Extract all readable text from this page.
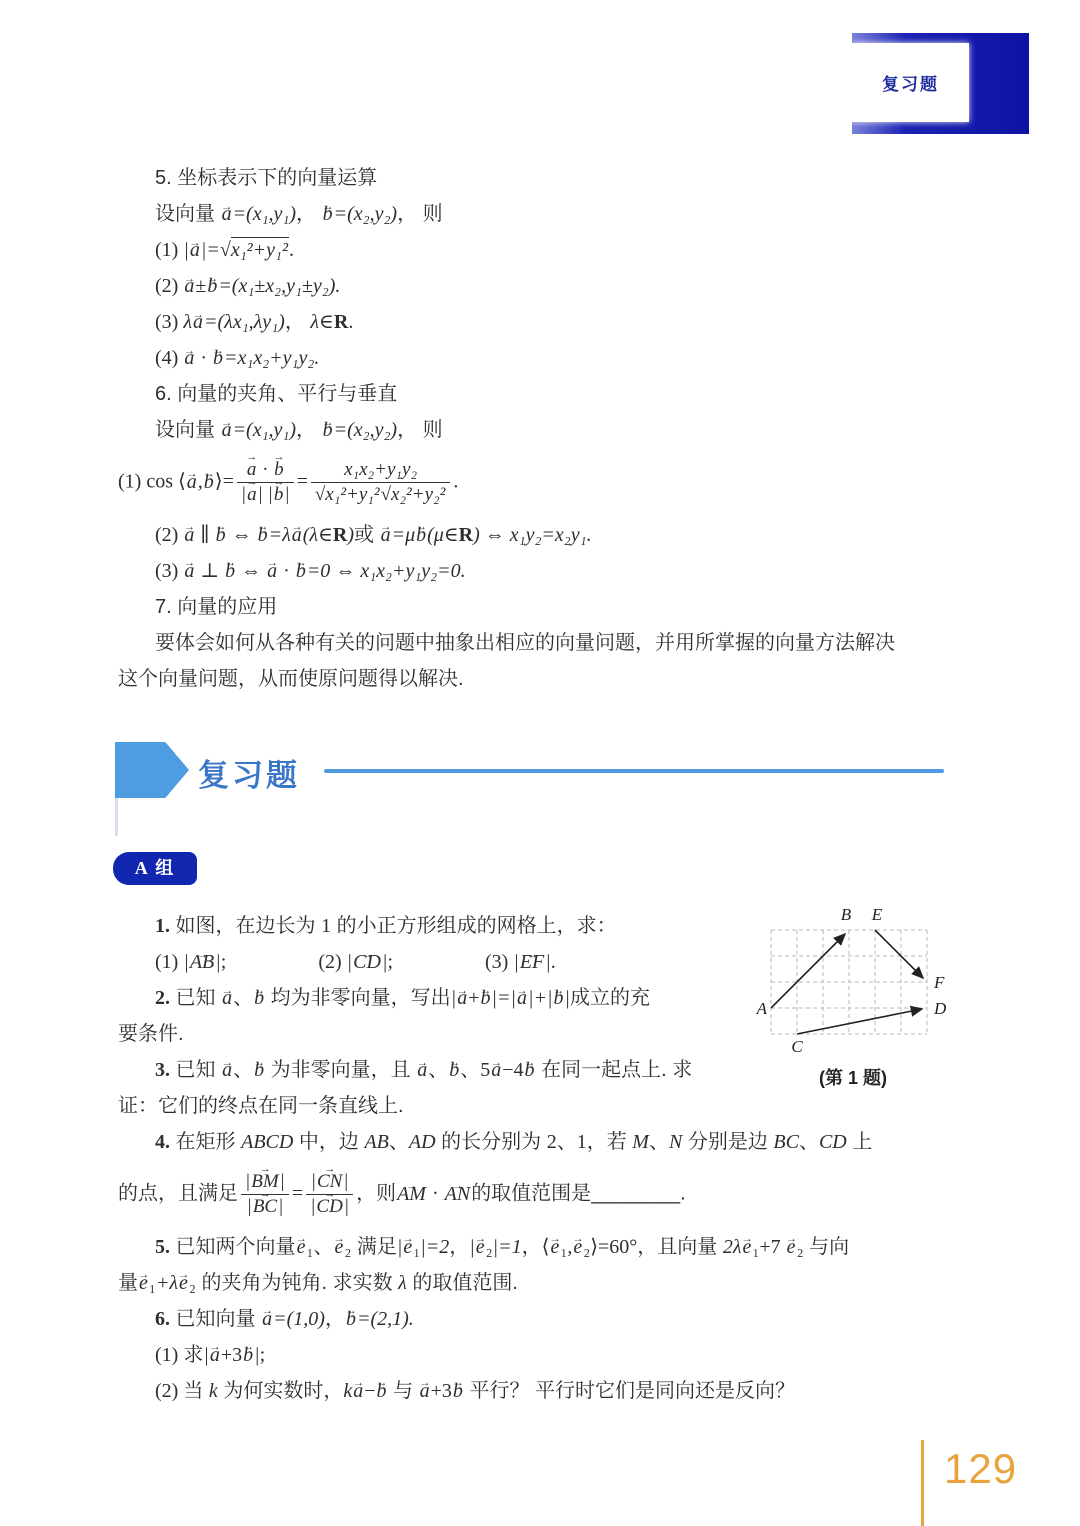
复习题
5. 坐标表示下的向量运算
设向量 a →=(x₁,y₁)， b →=(x₂,y₂)， 则
(1) |a →|=√x₁²+y₁².
(2) a →±b →=(x₁±x₂,y₁±y₂).
(3) λa →=(λx₁,λy₁)， λ∈R.
(4) a → · b →=x₁x₂+y₁y₂.
6. 向量的夹角、平行与垂直
设向量 a →=(x₁,y₁)， b →=(x₂,y₂)， 则
(1) cos ⟨a →,b →⟩= $\frac{a \to \cdot b \to}{|a \to| |b \to|} = \frac{\text{x₁x₂+y₁y₂}}{\text{√x₁²+y₁²√x₂²+y₂²}}$ .
(2) a → ∥ b → ⇔ b →=λa →(λ∈R)或 a →=μb →(μ∈R) ⇔ x₁y₂=x₂y₁.
(3) a → ⊥ b → ⇔ a → · b →=0 ⇔ x₁x₂+y₁y₂=0.
7. 向量的应用
要体会如何从各种有关的问题中抽象出相应的向量问题，并用所掌握的向量方法解决
这个向量问题，从而使原问题得以解决.
复习题
A 组
1. 如图，在边长为 1 的小正方形组成的网格上，求：
(1) |AB →|;	(2) |CD →|;	(3) |EF →|.
2. 已知 a →、b → 均为非零向量，写出|a →+b →|=|a →|+|b →|成立的充
要条件.
3. 已知 a →、b → 为非零向量，且 a →、b →、5a →−4b → 在同一起点上. 求
证：它们的终点在同一条直线上.
4. 在矩形 ABCD 中，边 AB、AD 的长分别为 2、1，若 M、N 分别是边 BC、CD 上
的点，且满足 $\frac{|BM \to|}{|BC \to|} = \frac{|CN \to|}{|CD \to|}$ ，则AM → · AN →的取值范围是________.
5. 已知两个向量e →₁、e →₂ 满足|e →₁|=2，|e →₂|=1，⟨e →₁,e →₂⟩=60°，且向量 2λe →₁+7 e →₂ 与向
量e →₁+λe →₂ 的夹角为钝角. 求实数 λ 的取值范围.
6. 已知向量 a →=(1,0)，b →=(2,1).
(1) 求|a →+3b →|;
(2) 当 k 为何实数时，ka →−b → 与 a →+3b → 平行？ 平行时它们是同向还是反向？
A
B E
F
D
C
(第 1 题)
129
